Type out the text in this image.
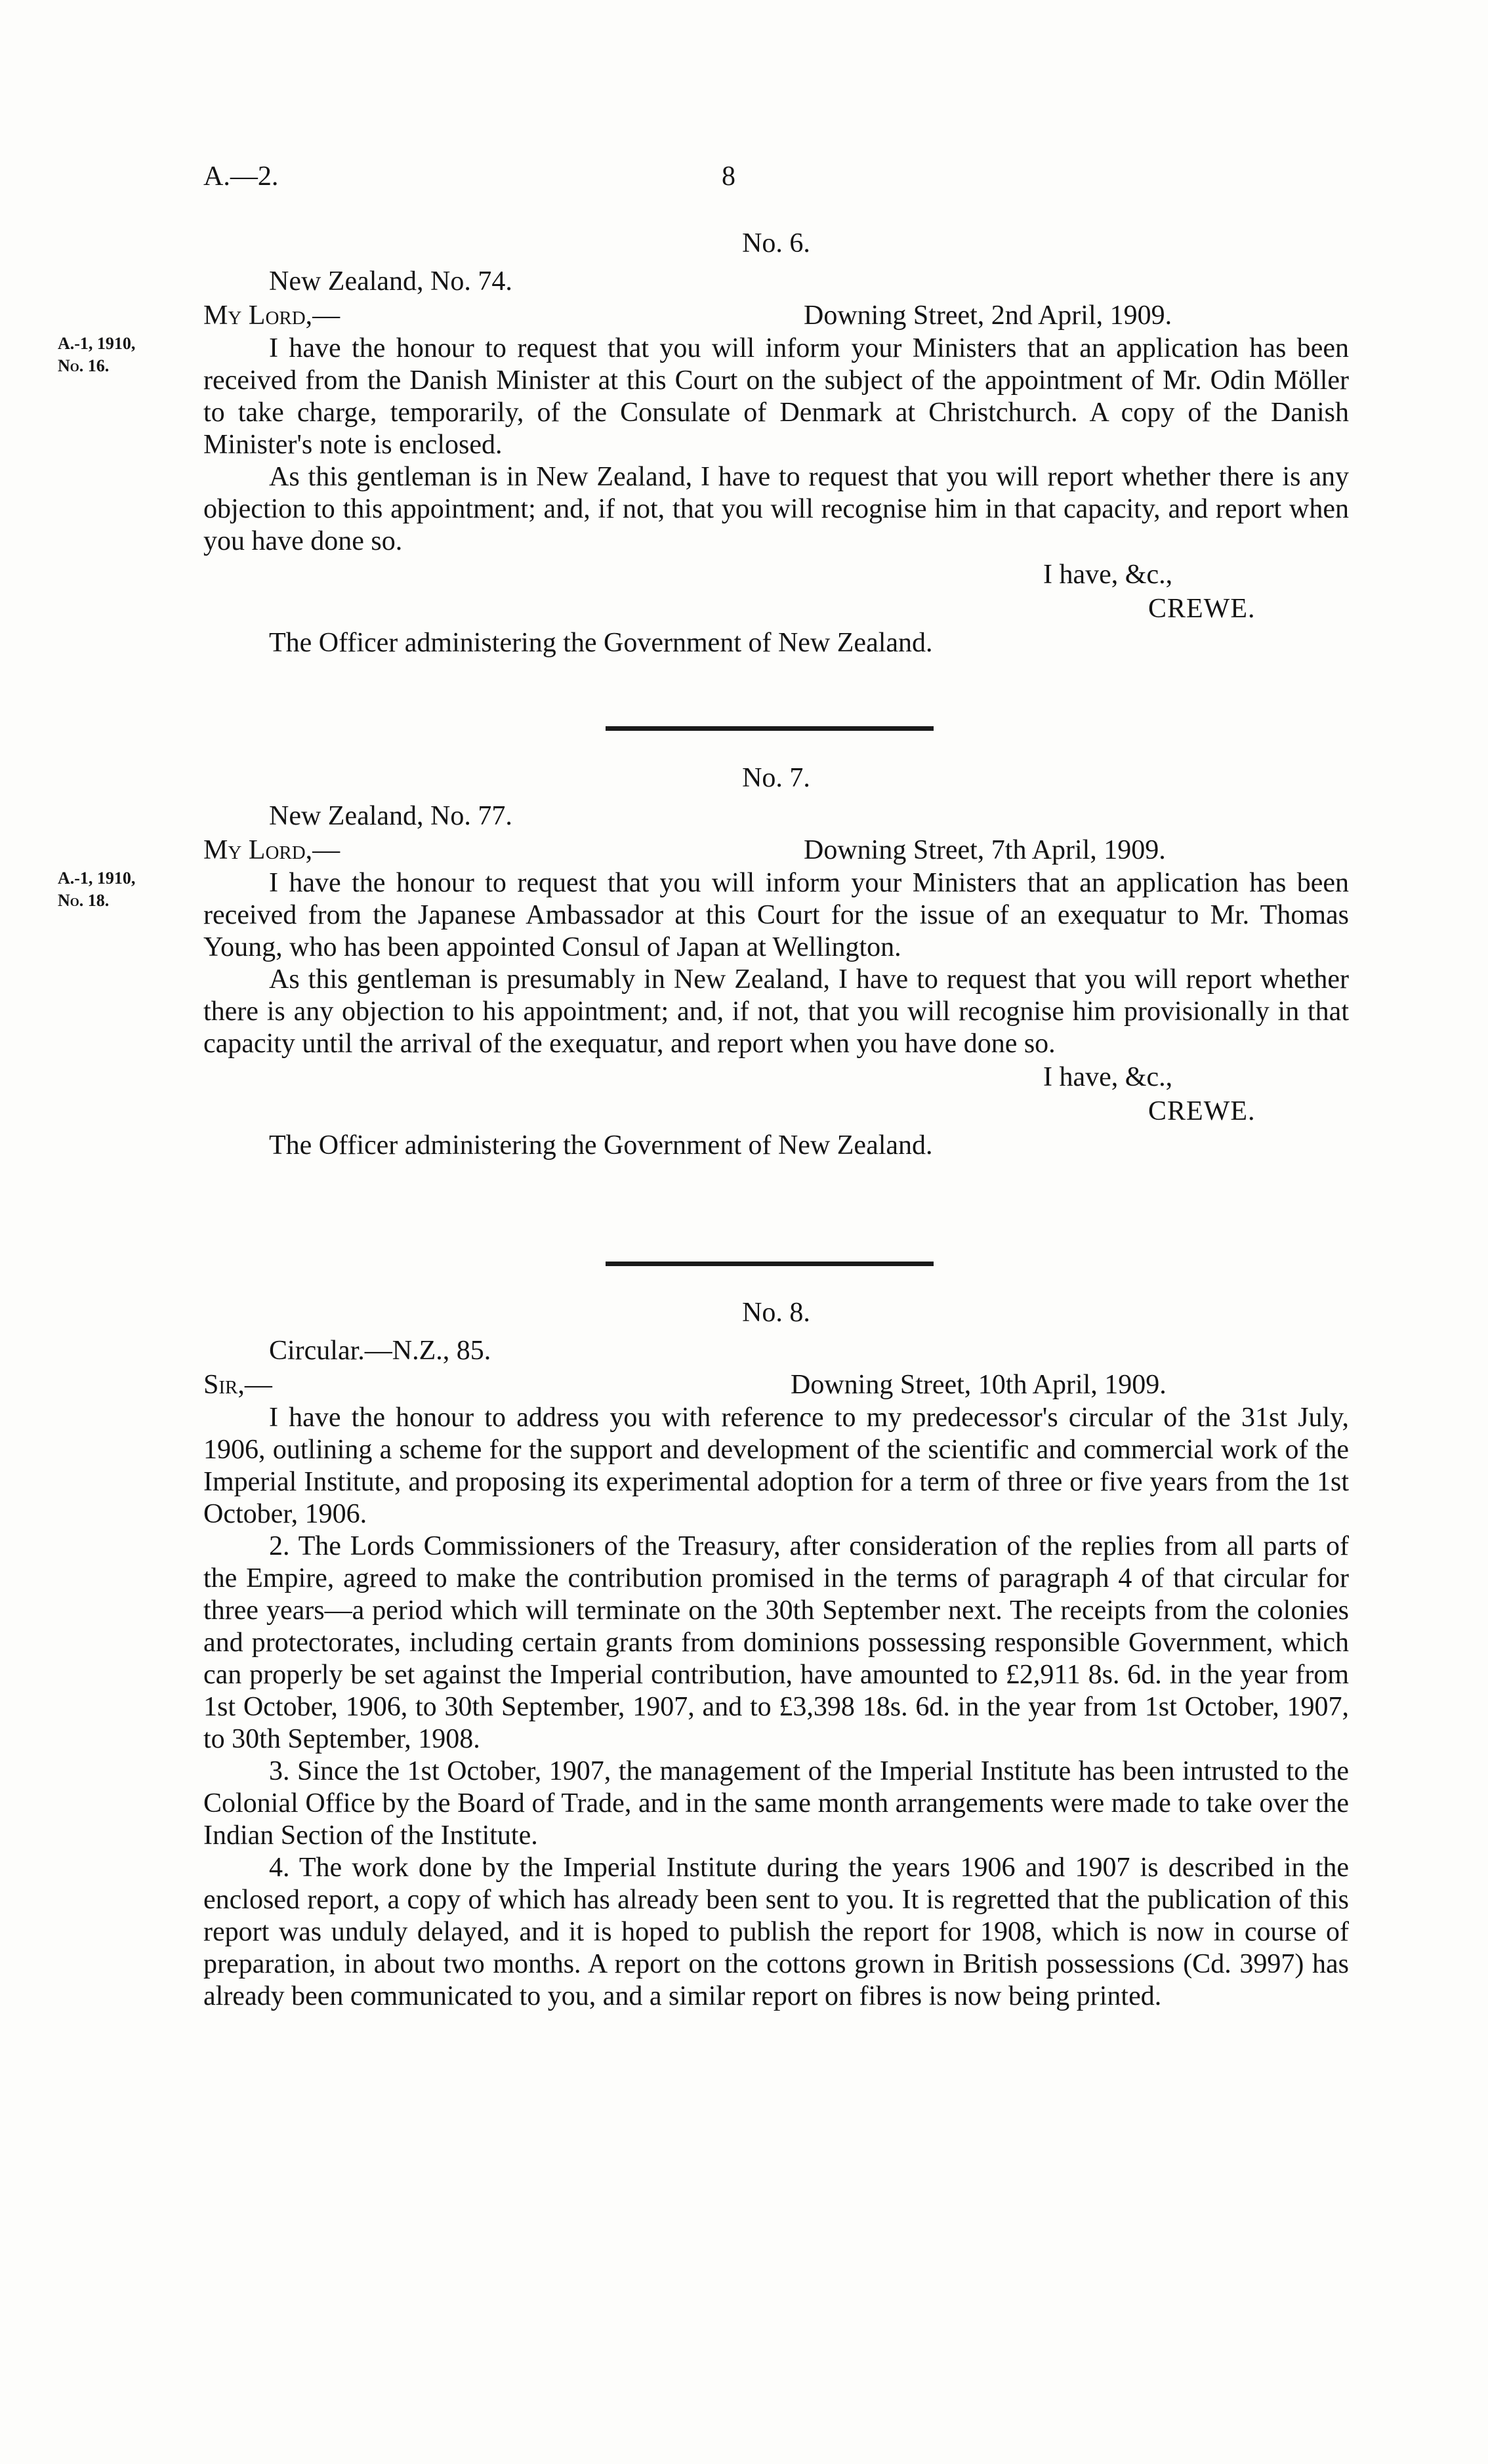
A.—2.	8
No. 6.
New Zealand, No. 74.
My Lord,—	Downing Street, 2nd April, 1909.

I have the honour to request that you will inform your Ministers that an application has been received from the Danish Minister at this Court on the subject of the appointment of Mr. Odin Möller to take charge, temporarily, of the Consulate of Denmark at Christchurch. A copy of the Danish Minister's note is enclosed.

As this gentleman is in New Zealand, I have to request that you will report whether there is any objection to this appointment; and, if not, that you will recognise him in that capacity, and report when you have done so.

I have, &c.,
CREWE.
The Officer administering the Government of New Zealand.
A.-1, 1910,
No. 16.
No. 7.
New Zealand, No. 77.
My Lord,—	Downing Street, 7th April, 1909.

I have the honour to request that you will inform your Ministers that an application has been received from the Japanese Ambassador at this Court for the issue of an exequatur to Mr. Thomas Young, who has been appointed Consul of Japan at Wellington.

As this gentleman is presumably in New Zealand, I have to request that you will report whether there is any objection to his appointment; and, if not, that you will recognise him provisionally in that capacity until the arrival of the exequatur, and report when you have done so.

I have, &c.,
CREWE.
The Officer administering the Government of New Zealand.
A.-1, 1910,
No. 18.
No. 8.
Circular.—N.Z., 85.
Sir,—	Downing Street, 10th April, 1909.

I have the honour to address you with reference to my predecessor's circular of the 31st July, 1906, outlining a scheme for the support and development of the scientific and commercial work of the Imperial Institute, and proposing its experimental adoption for a term of three or five years from the 1st October, 1906.

2. The Lords Commissioners of the Treasury, after consideration of the replies from all parts of the Empire, agreed to make the contribution promised in the terms of paragraph 4 of that circular for three years—a period which will terminate on the 30th September next. The receipts from the colonies and protectorates, including certain grants from dominions possessing responsible Government, which can properly be set against the Imperial contribution, have amounted to £2,911 8s. 6d. in the year from 1st October, 1906, to 30th September, 1907, and to £3,398 18s. 6d. in the year from 1st October, 1907, to 30th September, 1908.

3. Since the 1st October, 1907, the management of the Imperial Institute has been intrusted to the Colonial Office by the Board of Trade, and in the same month arrangements were made to take over the Indian Section of the Institute.

4. The work done by the Imperial Institute during the years 1906 and 1907 is described in the enclosed report, a copy of which has already been sent to you. It is regretted that the publication of this report was unduly delayed, and it is hoped to publish the report for 1908, which is now in course of preparation, in about two months. A report on the cottons grown in British possessions (Cd. 3997) has already been communicated to you, and a similar report on fibres is now being printed.
